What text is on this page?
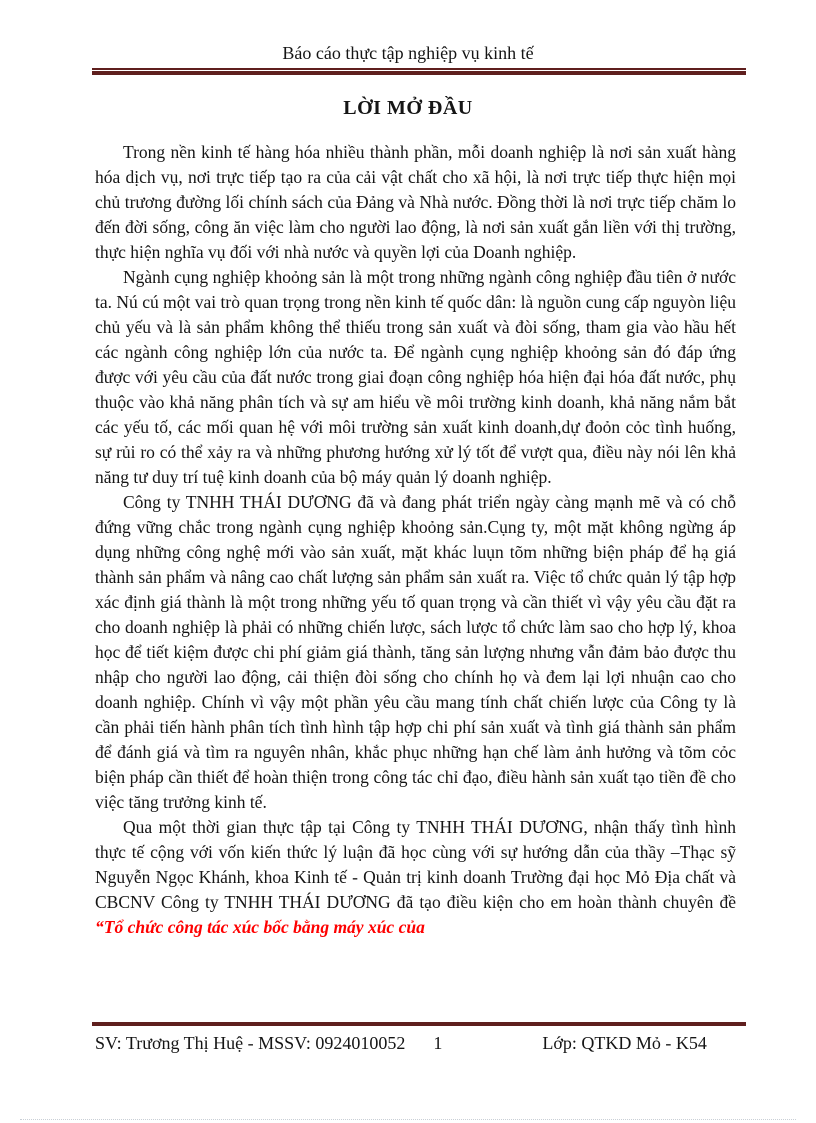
Báo cáo thực tập nghiệp vụ kinh tế
LỜI MỞ ĐẦU

Trong nền kinh tế hàng hóa nhiều thành phần, mỗi doanh nghiệp là nơi sản xuất hàng hóa dịch vụ, nơi trực tiếp tạo ra của cải vật chất cho xã hội, là nơi trực tiếp thực hiện mọi chủ trương đường lối chính sách của Đảng và Nhà nước. Đồng thời là nơi trực tiếp chăm lo đến đời sống, công ăn việc làm cho người lao động, là nơi sản xuất gắn liền với thị trường, thực hiện nghĩa vụ đối với nhà nước và quyền lợi của Doanh nghiệp.

Ngành cụng nghiệp khoỏng sản là một trong những ngành công nghiệp đầu tiên ở nước ta. Nú cú một vai trò quan trọng trong nền kinh tế quốc dân: là nguồn cung cấp nguyòn liệu chủ yếu và là sản phẩm không thể thiếu trong sản xuất và đòi sống, tham gia vào hầu hết các ngành công nghiệp lớn của nước ta. Để ngành cụng nghiệp khoỏng sản đó đáp ứng được với yêu cầu của đất nước trong giai đoạn công nghiệp hóa hiện đại hóa đất nước, phụ thuộc vào khả năng phân tích và sự am hiểu về môi trường kinh doanh, khả năng nắm bắt các yếu tố, các mối quan hệ với môi trường sản xuất kinh doanh,dự đoỏn cỏc tình huống, sự rủi ro có thể xảy ra và những phương hướng xử lý tốt để vượt qua, điều này nói lên khả năng tư duy trí tuệ kinh doanh của bộ máy quản lý doanh nghiệp.

Công ty TNHH THÁI DƯƠNG đã và đang phát triển ngày càng mạnh mẽ và có chỗ đứng vững chắc trong ngành cụng nghiệp khoỏng sản.Cụng ty, một mặt không ngừng áp dụng những công nghệ mới vào sản xuất, mặt khác luụn tõm những biện pháp để hạ giá thành sản phẩm và nâng cao chất lượng sản phẩm sản xuất ra. Việc tổ chức quản lý tập hợp xác định giá thành là một trong những yếu tố quan trọng và cần thiết vì vậy yêu cầu đặt ra cho doanh nghiệp là phải có những chiến lược, sách lược tổ chức làm sao cho hợp lý, khoa học để tiết kiệm được chi phí giảm giá thành, tăng sản lượng nhưng vẫn đảm bảo được thu nhập cho người lao động, cải thiện đòi sống cho chính họ và đem lại lợi nhuận cao cho doanh nghiệp. Chính vì vậy một phần yêu cầu mang tính chất chiến lược của Công ty là cần phải tiến hành phân tích tình hình tập hợp chi phí sản xuất và tình giá thành sản phẩm để đánh giá và tìm ra nguyên nhân, khắc phục những hạn chế làm ảnh hưởng và tõm cỏc biện pháp cần thiết để hoàn thiện trong công tác chỉ đạo, điều hành sản xuất tạo tiền đề cho việc tăng trưởng kinh tế.

Qua một thời gian thực tập tại Công ty TNHH THÁI DƯƠNG, nhận thấy tình hình thực tế cộng với vốn kiến thức lý luận đã học cùng với sự hướng dẫn của thầy –Thạc sỹ Nguyễn Ngọc Khánh, khoa Kinh tế - Quản trị kinh doanh Trường đại học Mỏ Địa chất và CBCNV Công ty TNHH THÁI DƯƠNG đã tạo điều kiện cho em hoàn thành chuyên đề “Tổ chức công tác xúc bốc bằng máy xúc của

SV: Trương Thị Huệ - MSSV: 0924010052 1	Lớp: QTKD Mỏ - K54
